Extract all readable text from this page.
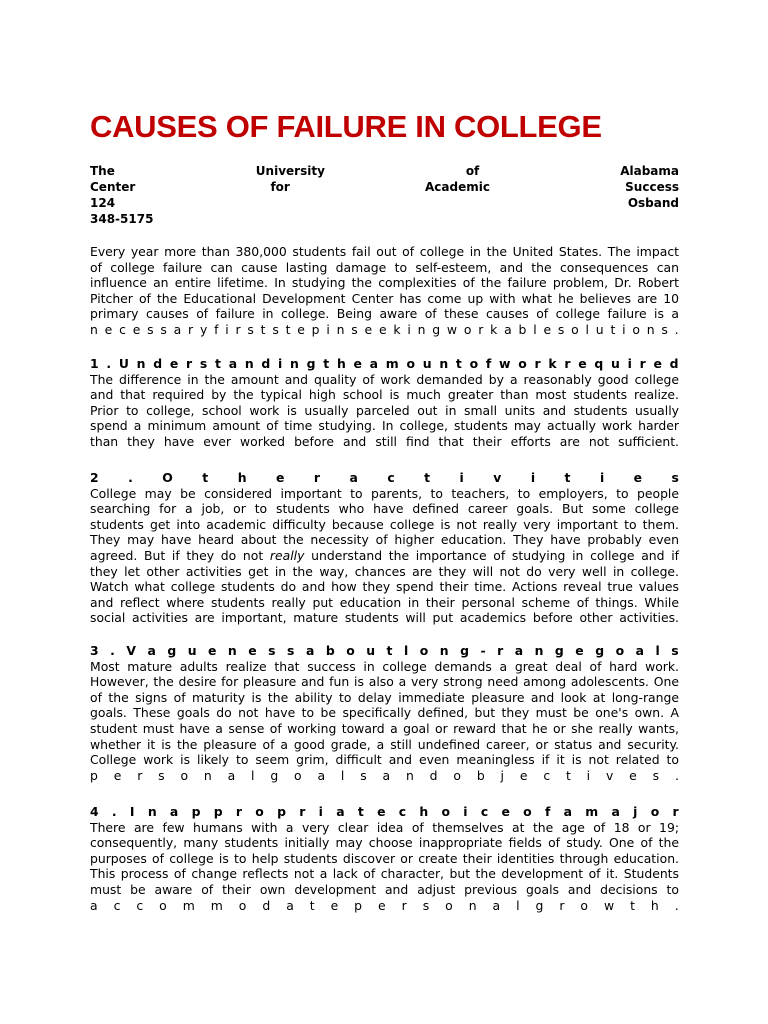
CAUSES OF FAILURE IN COLLEGE
The	University	of	Alabama
Center	for	Academic	Success
124	Osband
348-5175
Every year more than 380,000 students fail out of college in the United States. The impact
of college failure can cause lasting damage to self-esteem, and the consequences can
influence an entire lifetime. In studying the complexities of the failure problem, Dr. Robert
Pitcher of the Educational Development Center has come up with what he believes are 10
primary causes of failure in college. Being aware of these causes of college failure is a
n e c e s s a r y f i r s t s t e p i n s e e k i n g w o r k a b l e s o l u t i o n s .
1 . U n d e r s t a n d i n g t h e a m o u n t o f w o r k r e q u i r e d
The difference in the amount and quality of work demanded by a reasonably good college
and that required by the typical high school is much greater than most students realize.
Prior to college, school work is usually parceled out in small units and students usually
spend a minimum amount of time studying. In college, students may actually work harder
than they have ever worked before and still find that their efforts are not sufficient.
2 . O t h e r a c t i v i t i e s
College may be considered important to parents, to teachers, to employers, to people
searching for a job, or to students who have defined career goals. But some college
students get into academic difficulty because college is not really very important to them.
They may have heard about the necessity of higher education. They have probably even
agreed. But if they do not really understand the importance of studying in college and if
they let other activities get in the way, chances are they will not do very well in college.
Watch what college students do and how they spend their time. Actions reveal true values
and reflect where students really put education in their personal scheme of things. While
social activities are important, mature students will put academics before other activities.
3 . V a g u e n e s s a b o u t l o n g - r a n g e g o a l s
Most mature adults realize that success in college demands a great deal of hard work.
However, the desire for pleasure and fun is also a very strong need among adolescents. One
of the signs of maturity is the ability to delay immediate pleasure and look at long-range
goals. These goals do not have to be specifically defined, but they must be one's own. A
student must have a sense of working toward a goal or reward that he or she really wants,
whether it is the pleasure of a good grade, a still undefined career, or status and security.
College work is likely to seem grim, difficult and even meaningless if it is not related to
p e r s o n a l g o a l s a n d o b j e c t i v e s .
4 . I n a p p r o p r i a t e c h o i c e o f a m a j o r
There are few humans with a very clear idea of themselves at the age of 18 or 19;
consequently, many students initially may choose inappropriate fields of study. One of the
purposes of college is to help students discover or create their identities through education.
This process of change reflects not a lack of character, but the development of it. Students
must be aware of their own development and adjust previous goals and decisions to
a c c o m m o d a t e p e r s o n a l g r o w t h .
